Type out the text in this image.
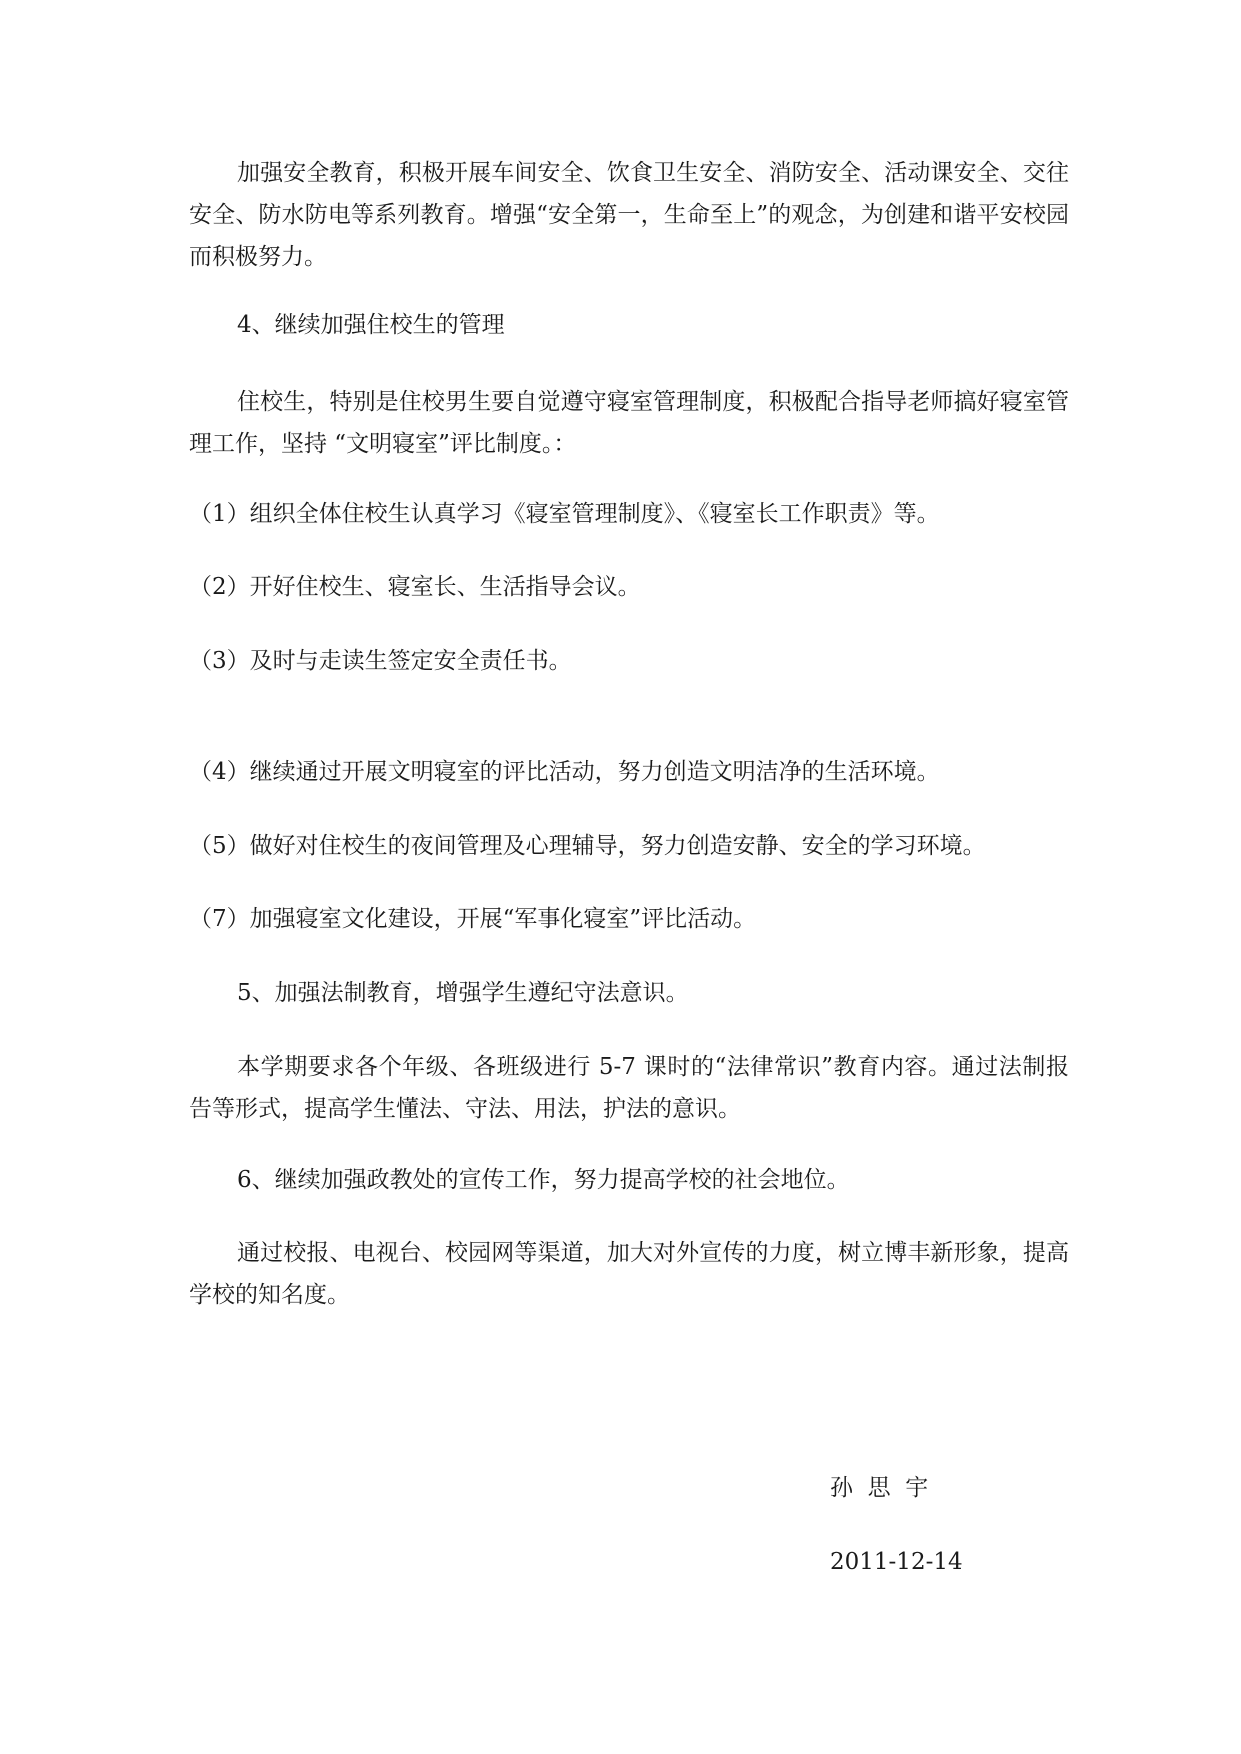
加强安全教育，积极开展车间安全、饮食卫生安全、消防安全、活动课安全、交往安全、防水防电等系列教育。增强“安全第一，生命至上”的观念，为创建和谐平安校园而积极努力。

4、继续加强住校生的管理

住校生，特别是住校男生要自觉遵守寝室管理制度，积极配合指导老师搞好寝室管理工作，坚持 “文明寝室”评比制度。：

（1）组织全体住校生认真学习《寝室管理制度》、《寝室长工作职责》等。

（2）开好住校生、寝室长、生活指导会议。

（3）及时与走读生签定安全责任书。

（4）继续通过开展文明寝室的评比活动，努力创造文明洁净的生活环境。

（5）做好对住校生的夜间管理及心理辅导，努力创造安静、安全的学习环境。

（7）加强寝室文化建设，开展“军事化寝室”评比活动。

5、加强法制教育，增强学生遵纪守法意识。

本学期要求各个年级、各班级进行 5-7 课时的“法律常识”教育内容。通过法制报告等形式，提高学生懂法、守法、用法，护法的意识。

6、继续加强政教处的宣传工作，努力提高学校的社会地位。

通过校报、电视台、校园网等渠道，加大对外宣传的力度，树立博丰新形象，提高学校的知名度。

孙  思  宇

2011-12-14
